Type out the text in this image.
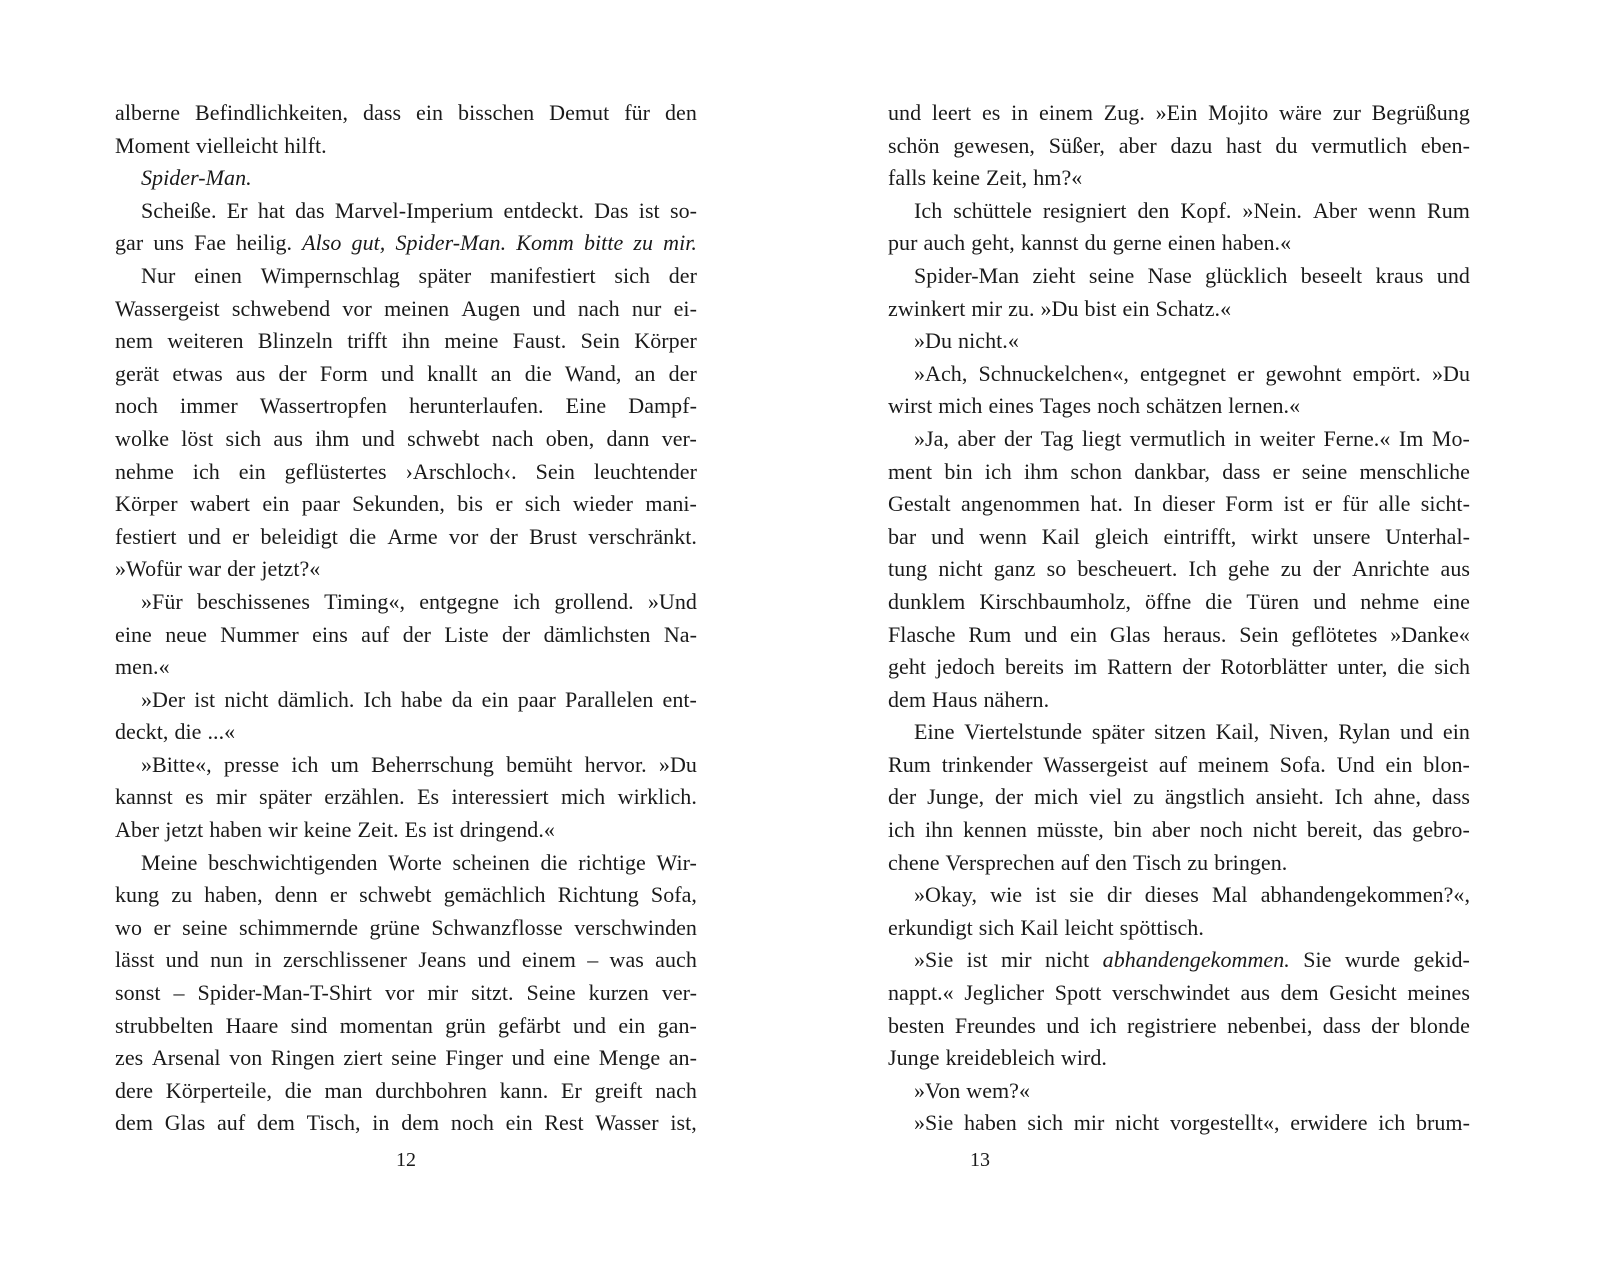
alberne Befindlichkeiten, dass ein bisschen Demut für den
Moment vielleicht hilft.
Spider-Man.
Scheiße. Er hat das Marvel-Imperium entdeckt. Das ist so-
gar uns Fae heilig. Also gut, Spider-Man. Komm bitte zu mir.
Nur einen Wimpernschlag später manifestiert sich der
Wassergeist schwebend vor meinen Augen und nach nur ei-
nem weiteren Blinzeln trifft ihn meine Faust. Sein Körper
gerät etwas aus der Form und knallt an die Wand, an der
noch immer Wassertropfen herunterlaufen. Eine Dampf-
wolke löst sich aus ihm und schwebt nach oben, dann ver-
nehme ich ein geflüstertes ›Arschloch‹. Sein leuchtender
Körper wabert ein paar Sekunden, bis er sich wieder mani-
festiert und er beleidigt die Arme vor der Brust verschränkt.
»Wofür war der jetzt?«
»Für beschissenes Timing«, entgegne ich grollend. »Und
eine neue Nummer eins auf der Liste der dämlichsten Na-
men.«
»Der ist nicht dämlich. Ich habe da ein paar Parallelen ent-
deckt, die ...«
»Bitte«, presse ich um Beherrschung bemüht hervor. »Du
kannst es mir später erzählen. Es interessiert mich wirklich.
Aber jetzt haben wir keine Zeit. Es ist dringend.«
Meine beschwichtigenden Worte scheinen die richtige Wir-
kung zu haben, denn er schwebt gemächlich Richtung Sofa,
wo er seine schimmernde grüne Schwanzflosse verschwinden
lässt und nun in zerschlissener Jeans und einem – was auch
sonst – Spider-Man-T-Shirt vor mir sitzt. Seine kurzen ver-
strubbelten Haare sind momentan grün gefärbt und ein gan-
zes Arsenal von Ringen ziert seine Finger und eine Menge an-
dere Körperteile, die man durchbohren kann. Er greift nach
dem Glas auf dem Tisch, in dem noch ein Rest Wasser ist,
12
und leert es in einem Zug. »Ein Mojito wäre zur Begrüßung
schön gewesen, Süßer, aber dazu hast du vermutlich eben-
falls keine Zeit, hm?«
Ich schüttele resigniert den Kopf. »Nein. Aber wenn Rum
pur auch geht, kannst du gerne einen haben.«
Spider-Man zieht seine Nase glücklich beseelt kraus und
zwinkert mir zu. »Du bist ein Schatz.«
»Du nicht.«
»Ach, Schnuckelchen«, entgegnet er gewohnt empört. »Du
wirst mich eines Tages noch schätzen lernen.«
»Ja, aber der Tag liegt vermutlich in weiter Ferne.« Im Mo-
ment bin ich ihm schon dankbar, dass er seine menschliche
Gestalt angenommen hat. In dieser Form ist er für alle sicht-
bar und wenn Kail gleich eintrifft, wirkt unsere Unterhal-
tung nicht ganz so bescheuert. Ich gehe zu der Anrichte aus
dunklem Kirschbaumholz, öffne die Türen und nehme eine
Flasche Rum und ein Glas heraus. Sein geflötetes »Danke«
geht jedoch bereits im Rattern der Rotorblätter unter, die sich
dem Haus nähern.
Eine Viertelstunde später sitzen Kail, Niven, Rylan und ein
Rum trinkender Wassergeist auf meinem Sofa. Und ein blon-
der Junge, der mich viel zu ängstlich ansieht. Ich ahne, dass
ich ihn kennen müsste, bin aber noch nicht bereit, das gebro-
chene Versprechen auf den Tisch zu bringen.
»Okay, wie ist sie dir dieses Mal abhandengekommen?«,
erkundigt sich Kail leicht spöttisch.
»Sie ist mir nicht abhandengekommen. Sie wurde gekid-
nappt.« Jeglicher Spott verschwindet aus dem Gesicht meines
besten Freundes und ich registriere nebenbei, dass der blonde
Junge kreidebleich wird.
»Von wem?«
»Sie haben sich mir nicht vorgestellt«, erwidere ich brum-
13
